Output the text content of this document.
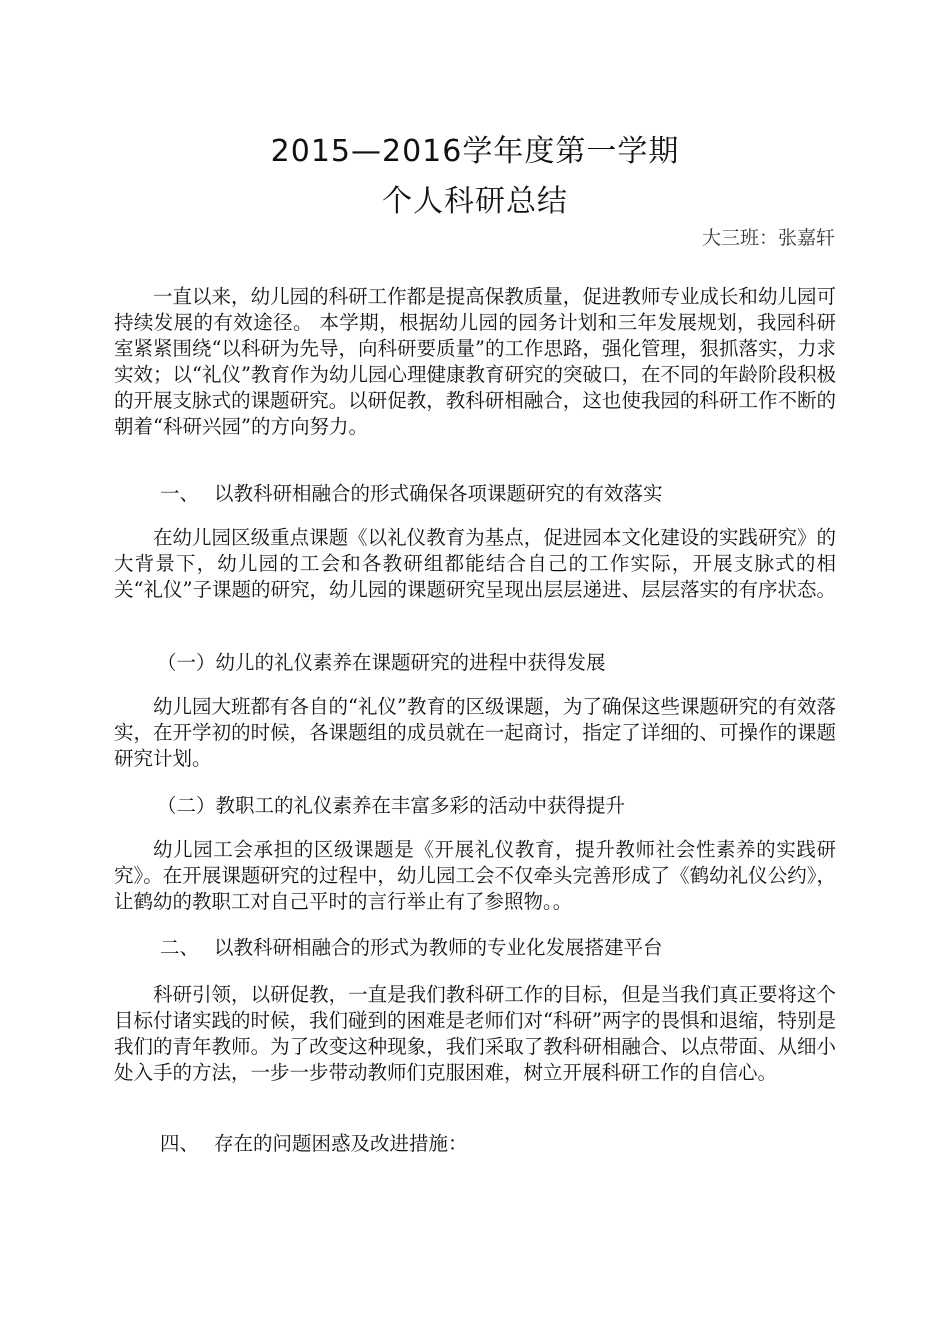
2015—2016学年度第一学期
个人科研总结
大三班：张嘉轩

一直以来，幼儿园的科研工作都是提高保教质量，促进教师专业成长和幼儿园可持续发展的有效途径。 本学期，根据幼儿园的园务计划和三年发展规划，我园科研室紧紧围绕“以科研为先导，向科研要质量”的工作思路，强化管理，狠抓落实，力求实效；以“礼仪”教育作为幼儿园心理健康教育研究的突破口，在不同的年龄阶段积极的开展支脉式的课题研究。以研促教，教科研相融合，这也使我园的科研工作不断的朝着“科研兴园”的方向努力。

一、 以教科研相融合的形式确保各项课题研究的有效落实

在幼儿园区级重点课题《以礼仪教育为基点，促进园本文化建设的实践研究》的大背景下，幼儿园的工会和各教研组都能结合自己的工作实际，开展支脉式的相关“礼仪”子课题的研究，幼儿园的课题研究呈现出层层递进、层层落实的有序状态。

（一）幼儿的礼仪素养在课题研究的进程中获得发展

幼儿园大班都有各自的“礼仪”教育的区级课题，为了确保这些课题研究的有效落实，在开学初的时候，各课题组的成员就在一起商讨，指定了详细的、可操作的课题研究计划。

（二）教职工的礼仪素养在丰富多彩的活动中获得提升

幼儿园工会承担的区级课题是《开展礼仪教育，提升教师社会性素养的实践研究》。在开展课题研究的过程中，幼儿园工会不仅牵头完善形成了《鹤幼礼仪公约》，让鹤幼的教职工对自己平时的言行举止有了参照物。。

二、 以教科研相融合的形式为教师的专业化发展搭建平台

科研引领，以研促教，一直是我们教科研工作的目标，但是当我们真正要将这个目标付诸实践的时候，我们碰到的困难是老师们对“科研”两字的畏惧和退缩，特别是我们的青年教师。为了改变这种现象，我们采取了教科研相融合、以点带面、从细小处入手的方法，一步一步带动教师们克服困难，树立开展科研工作的自信心。

四、 存在的问题困惑及改进措施：
